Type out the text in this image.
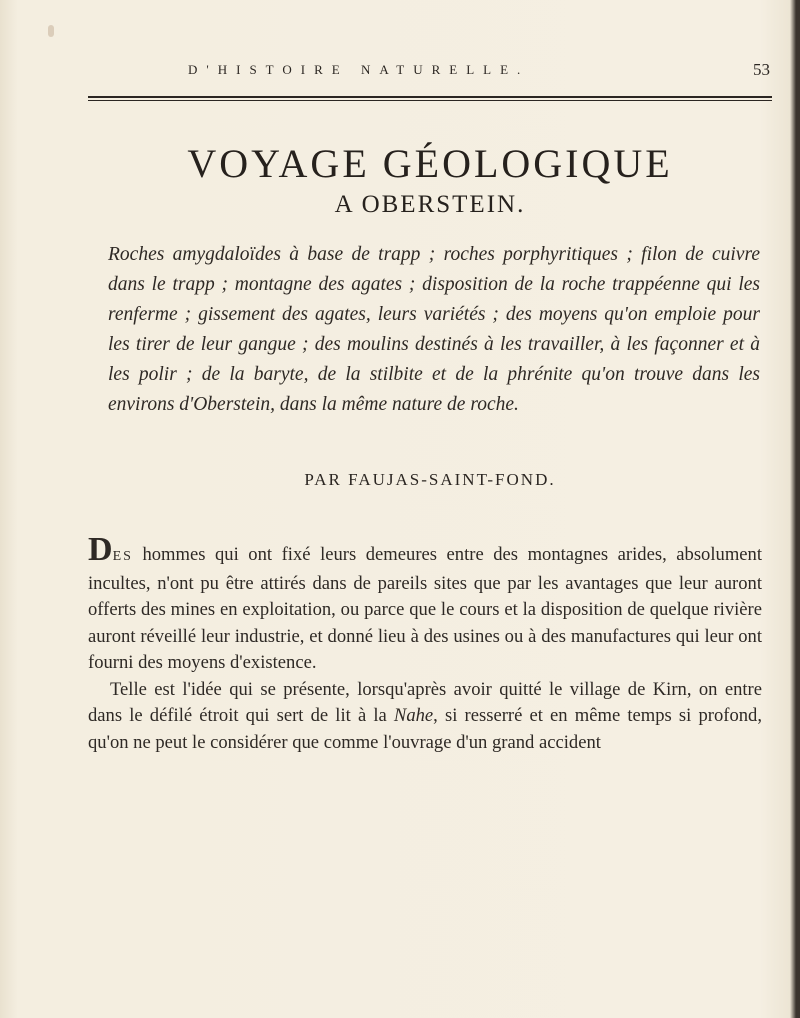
D'HISTOIRE NATURELLE.	53
VOYAGE GÉOLOGIQUE
A OBERSTEIN.
Roches amygdaloïdes à base de trapp ; roches porphyritiques ; filon de cuivre dans le trapp ; montagne des agates ; disposition de la roche trappéenne qui les renferme ; gissement des agates, leurs variétés ; des moyens qu'on emploie pour les tirer de leur gangue ; des moulins destinés à les travailler, à les façonner et à les polir ; de la baryte, de la stilbite et de la phrénite qu'on trouve dans les environs d'Oberstein, dans la même nature de roche.
PAR FAUJAS-SAINT-FOND.

DES hommes qui ont fixé leurs demeures entre des montagnes arides, absolument incultes, n'ont pu être attirés dans de pareils sites que par les avantages que leur auront offerts des mines en exploitation, ou parce que le cours et la disposition de quelque rivière auront réveillé leur industrie, et donné lieu à des usines ou à des manufactures qui leur ont fourni des moyens d'existence.

Telle est l'idée qui se présente, lorsqu'après avoir quitté le village de Kirn, on entre dans le défilé étroit qui sert de lit à la Nahe, si resserré et en même temps si profond, qu'on ne peut le considérer que comme l'ouvrage d'un grand accident
